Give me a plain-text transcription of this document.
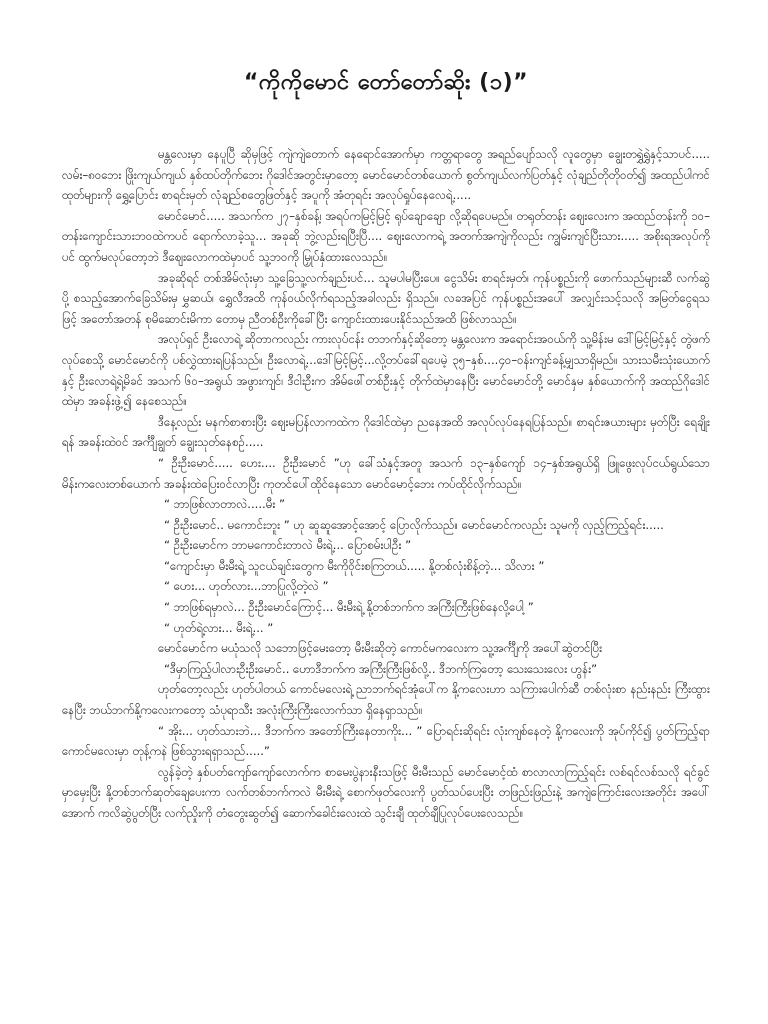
“ကိုကိုမောင် တော်တော်ဆိုး (၁)”

မန္တလေးမှာ နေပူပြီ ဆိုမှဖြင့် ကျဲကျဲတောက် နေရောင်အောက်မှာ ကတ္တရာတွေ အရည်ပျော်သလို လူတွေမှာ ချွေးတရွှဲရွှဲနှင့်သာပင်..... လမ်း–၈၀ဘေး ဖြိုးကျယ်ကျယ် နှစ်ထပ်တိုက်ဘေး ဂိုဒေါင်အတွင်းမှာတော့ မောင်မောင်တစ်ယောက် စွတ်ကျယ်လက်ပြတ်နှင့် လုံချည်တိုတိုဝတ်၍ အထည်ပါကင်ထုတ်များကို ရွှေ့ပြောင်း စာရင်းမှတ် လုံချည်စတွေဖြတ်နှင့် အပူကို အံတုရင်း အလုပ်ရှုပ်နေလေရဲ့.....

မောင်မောင်..... အသက်က ၂၇–နှစ်ခန့်၊ အရပ်ကမြင့်မြင့် ရုပ်ချောချော လို့ဆိုရပေမည်။ တရုတ်တန်း ဈေးလေးက အထည်တန်းကို ၁၀–တန်းကျောင်းသားဘဝထဲကပင် ရောက်လာခဲ့သူ... အခုဆို ဘွဲ့လည်းရပြီးပြီ.... ဈေးလောကရဲ့ အတက်အကျဲကိုလည်း ကျွမ်းကျင်ပြီးသား..... အစိုးရအလုပ်ကိုပင် ထွက်မလုပ်တော့ဘဲ ဒီဈေးလောကထဲမှာပင် သူ့ဘဝကို မြှုပ်နှံထားလေသည်။

အခုဆိုရင် တစ်အိမ်လုံးမှာ သူ့ခြေသူ့လက်ချည်းပင်... သူမပါမပြီးပေ။ ငွေသိမ်း စာရင်းမှတ်၊ ကုန်ပစ္စည်းကို ဖောက်သည်များဆီ လက်ဆွဲပို့ စသည့်အောက်ခြေသိမ်းမှ မွှဆယ်၊ ရွှေလီအထိ ကုန်ဝယ်လိုက်ရသည့်အခါလည်း ရှိသည်။ လခအပြင် ကုန်ပစ္စည်းအပေါ် အလျှင်းသင့်သလို အမြတ်ငွေရသဖြင့် အတော်အတန် စုမိဆောင်းမိကာ တောမှ ညီတစ်ဦးကိုခေါ်ပြီး ကျောင်းထားပေးနိုင်သည်အထိ ဖြစ်လာသည်။

အလုပ်ရှင် ဦးလောရဲ့ ဆိုတာကလည်း ကားလုပ်ငန်း တဘက်နှင့်ဆိုတော့ မန္တလေးက အရောင်းအဝယ်ကို သူ့မိန်းမ ဒေါ်မြင့်မြင့်နှင့် တွဲဖက်လုပ်စေသို့ မောင်မောင်ကို ပစ်လွှဲထားရပြန်သည်။ ဦးလောရဲ့...ဒေါ်မြင့်မြင့်...လို့တပ်ခေါ်ရပေမဲ့ ၃၅–နှစ်....၄၀–ဝန်းကျင်ခန့်မျှသာရှိမည်။ သားသမီးသုံးယောက်နှင့် ဦးလောရဲ့ရဲ့မိခင် အသက် ၆၀–အရွယ် အဖွားကျင်၊ ဒီငါးဦးက အိမ်ဖေါ်တစ်ဦးနှင့် တိုက်ထဲမှာနေပြီး မောင်မောင်တို့ မောင်နှမ နှစ်ယောက်ကို အထည်ဂိုဒေါင်ထဲမှာ အခန်းဖွဲ့၍ နေစေသည်။

ဒီနေ့လည်း မနက်စာစားပြီး ဈေးမပြန်လာကထဲက ဂိုဒေါင်ထဲမှာ ညနေအထိ အလုပ်လုပ်နေရပြန်သည်။ စာရင်းဇယားများ မှတ်ပြီး ရေချိုးရန် အခန်းထဲဝင် အင်္ကျီချွတ် ချွေးသုတ်နေစဉ်.....

“ ဦးဦးမောင်..... ဟေး.... ဦးဦးမောင် ”ဟု ခေါ်သံနှင့်အတူ အသက် ၁၃–နှစ်ကျော် ၁၄–နှစ်အရွယ်ရှိ ဖြူဖွေးလုပ်ငယ်ရွယ်သော မိန်းကလေးတစ်ယောက် အခန်းထဲပြေးဝင်လာပြီး ကုတင်ပေါ်ထိုင်နေသော မောင်မောင့်ဘေး ကပ်ထိုင်လိုက်သည်။

“ ဘာဖြစ်လာတာလဲ.....မီး ”

“ ဦးဦးမောင်.. မကောင်းဘူး ” ဟု ဆူဆူအောင့်အောင့် ပြောလိုက်သည်။ မောင်မောင်ကလည်း သူမကို လှည့်ကြည့်ရင်း.....

“ ဦးဦးမောင်က ဘာမကောင်းတာလဲ မီးရဲ့... ပြောစမ်းပါဦး ”

“ကျောင်းမှာ မီးမီးရဲ့ သူငယ်ချင်းတွေက မီးကိုဝိုင်းစကြတယ်..... နို့တစ်လုံးစိန့်တဲ့... သိလား ”

“ ဟေး... ဟုတ်လား...ဘာပြုလို့တဲ့လဲ ”

“ ဘာဖြစ်ရမှာလဲ... ဦးဦးမောင်ကြောင့်... မီးမီးရဲ့ နို့တစ်ဘက်က အကြီးကြီးဖြစ်နေလို့ပေါ့ ”

“ ဟုတ်ရဲ့လား... မီးရဲ့... ”

မောင်မောင်က မယုံသလို သဘောဖြင့်မေးတော့ မီးမီးဆိုတဲ့ ကောင်မကလေးက သူ့အင်္ကျီကို အပေါ်ဆွဲတင်ပြီး

“ဒီမှာကြည့်ပါလားဦးဦးမောင်.. ဟောဒီဘက်က အကြီးကြီးဖြစ်လို့.. ဒီဘက်ကြတော့ သေးသေးလေး ဟွန်း”

ဟုတ်တော့လည်း ဟုတ်ပါတယ် ကောင်မလေးရဲ့ ညာဘက်ရင်အုံပေါ်က နို့ကလေးဟာ သကြားပေါက်ဆီ တစ်လုံးစာ နည်းနည်း ကြီးထွားနေပြီး ဘယ်ဘက်နို့ကလေးကတော့ သံပုရာသီး အလုံးကြီးကြီးလောက်သာ ရှိနေရှာသည်။

“ အိုး... ဟုတ်သားဘဲ... ဒီဘက်က အတော်ကြီးနေတာကိုး... ” ပြောရင်းဆိုရင်း လုံးကျစ်နေတဲ့ နို့ကလေးကို အုပ်ကိုင်၍ ပွတ်ကြည့်ရာ ကောင်မလေးမှာ တုန့်ကနဲ ဖြစ်သွားရရှာသည်.....”

လွန်ခဲ့တဲ့ နှစ်ပတ်ကျော်ကျော်လောက်က စာမေးပွဲနားနီးသဖြင့် မီးမီးသည် မောင်မောင့်ထံ စာလာလာကြည့်ရင်း လစ်ရင်လစ်သလို ရင်ခွင်မှာမှေးပြီး နို့တစ်ဘက်ဆုတ်ချေပေးကာ လက်တစ်ဘက်ကလဲ မီးမီးရဲ့ စောက်ဖုတ်လေးကို ပွတ်သပ်ပေးပြီး တဖြည်းဖြည်းနဲ့ အကျဲကြောင်းလေးအတိုင်း အပေါ်အောက် ကလိဆွဲပွတ်ပြီး လက်ညှိုးကို တံတွေးဆွတ်၍ ဆောက်ခေါင်းလေးထဲ သွင်းချီ ထုတ်ချီပြုလုပ်ပေးလေသည်။
